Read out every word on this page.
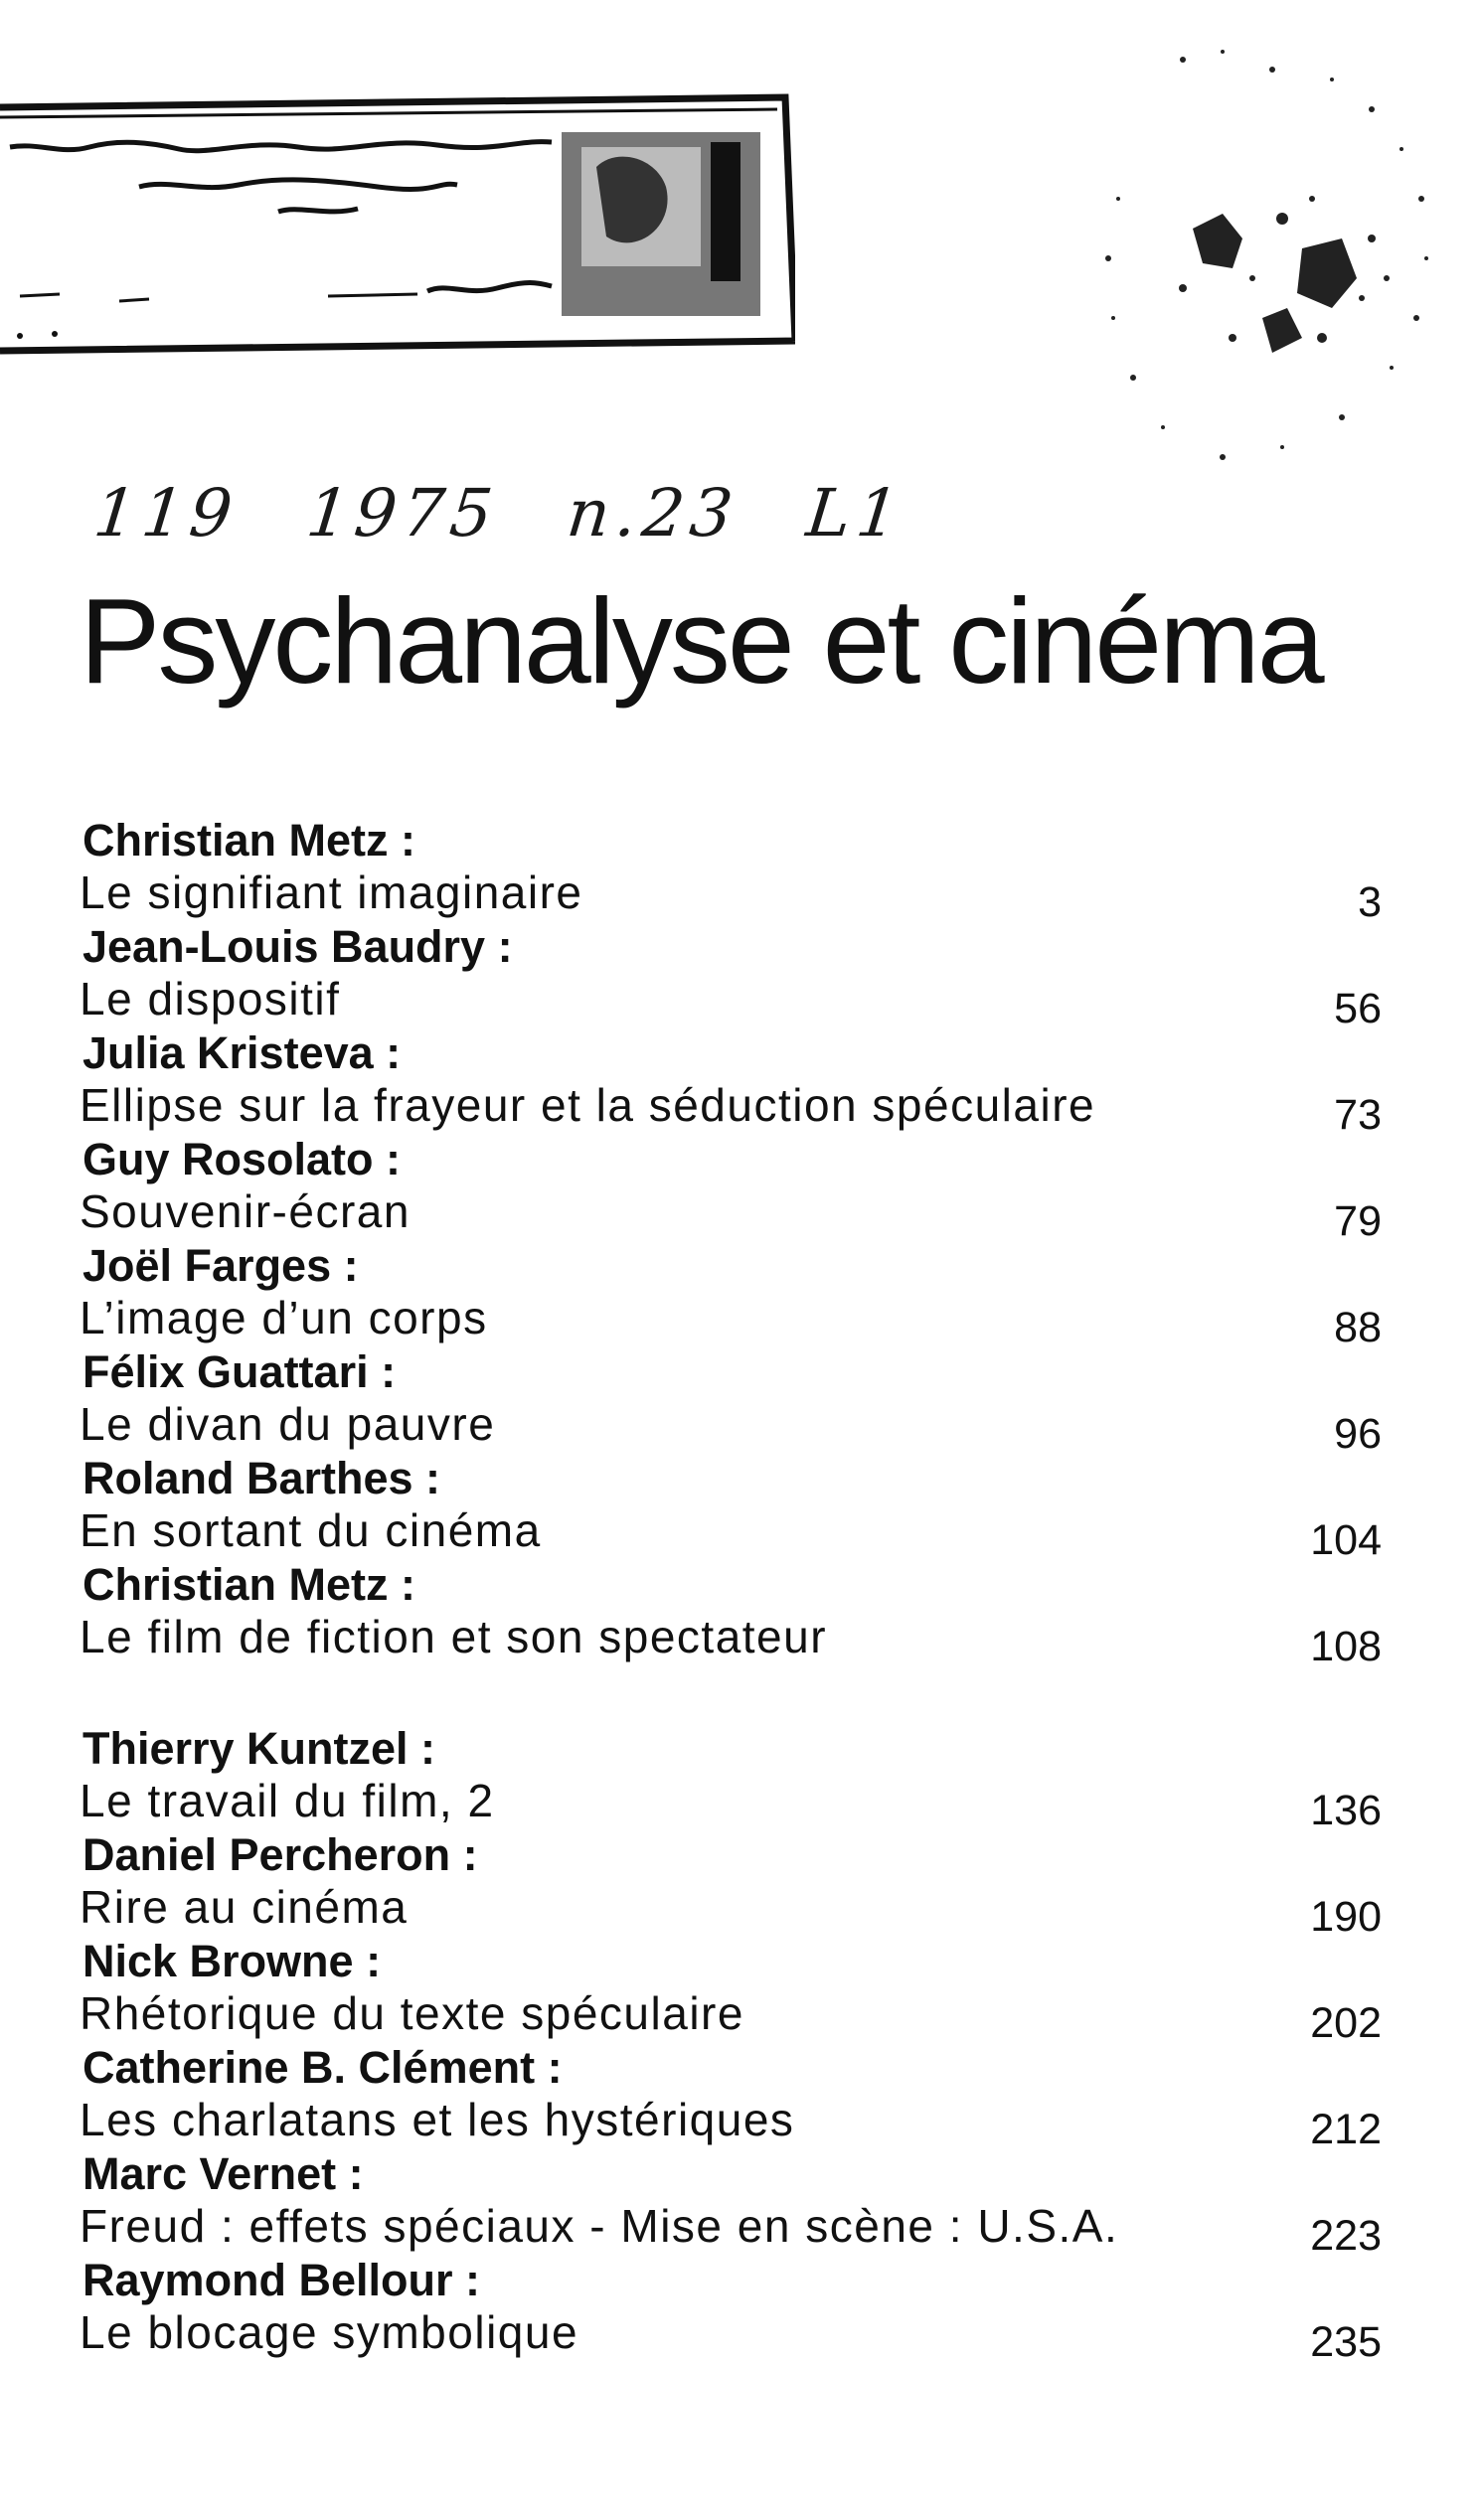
119 1975 n.23 L1
Psychanalyse et cinéma
Christian Metz :
Le signifiant imaginaire	3
Jean-Louis Baudry :
Le dispositif	56
Julia Kristeva :
Ellipse sur la frayeur et la séduction spéculaire	73
Guy Rosolato :
Souvenir-écran	79
Joël Farges :
L’image d’un corps	88
Félix Guattari :
Le divan du pauvre	96
Roland Barthes :
En sortant du cinéma	104
Christian Metz :
Le film de fiction et son spectateur	108
Thierry Kuntzel :
Le travail du film, 2	136
Daniel Percheron :
Rire au cinéma	190
Nick Browne :
Rhétorique du texte spéculaire	202
Catherine B. Clément :
Les charlatans et les hystériques	212
Marc Vernet :
Freud : effets spéciaux - Mise en scène : U.S.A.	223
Raymond Bellour :
Le blocage symbolique	235
